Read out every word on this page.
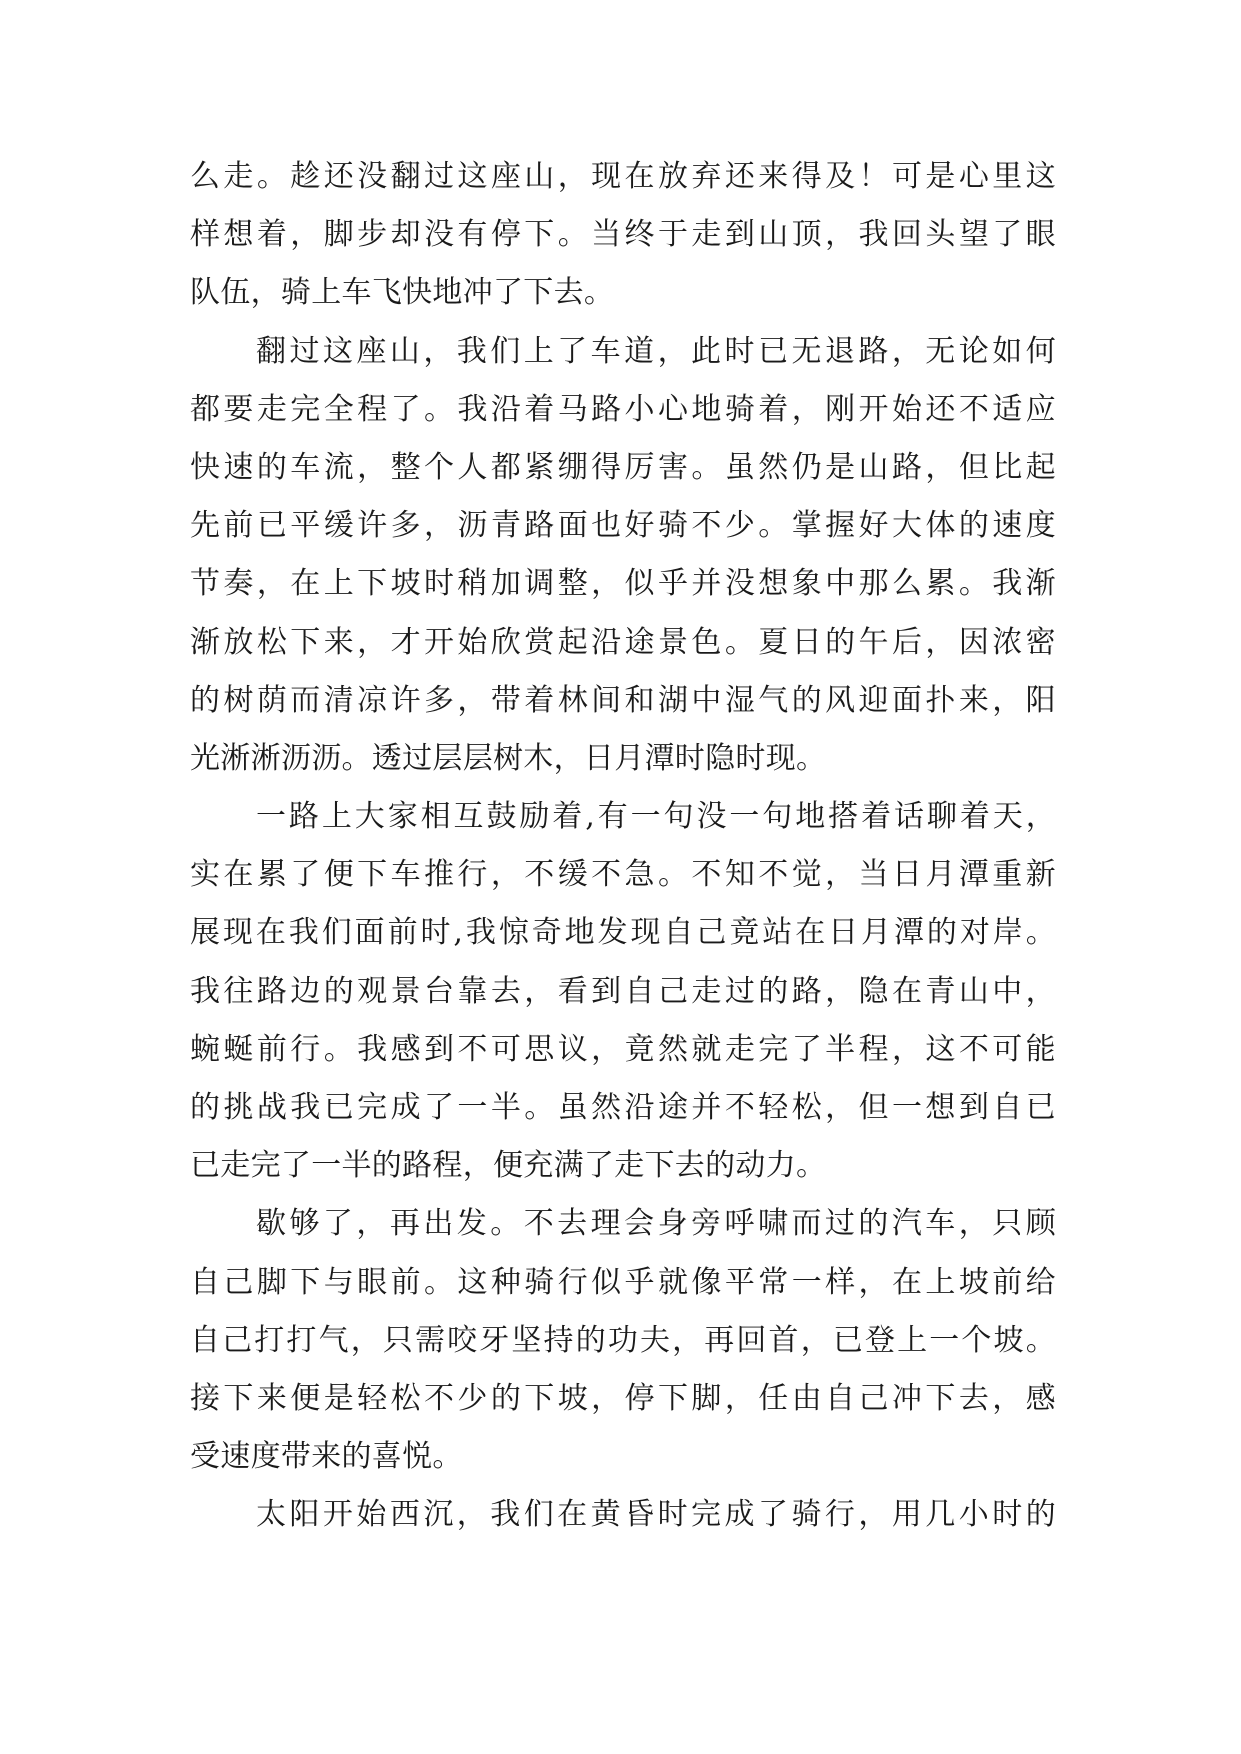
么走。趁还没翻过这座山，现在放弃还来得及！可是心里这
样想着，脚步却没有停下。当终于走到山顶，我回头望了眼
队伍，骑上车飞快地冲了下去。
翻过这座山，我们上了车道，此时已无退路，无论如何
都要走完全程了。我沿着马路小心地骑着，刚开始还不适应
快速的车流，整个人都紧绷得厉害。虽然仍是山路，但比起
先前已平缓许多，沥青路面也好骑不少。掌握好大体的速度
节奏，在上下坡时稍加调整，似乎并没想象中那么累。我渐
渐放松下来，才开始欣赏起沿途景色。夏日的午后，因浓密
的树荫而清凉许多，带着林间和湖中湿气的风迎面扑来，阳
光淅淅沥沥。透过层层树木，日月潭时隐时现。
一路上大家相互鼓励着,有一句没一句地搭着话聊着天，
实在累了便下车推行，不缓不急。不知不觉，当日月潭重新
展现在我们面前时,我惊奇地发现自己竟站在日月潭的对岸。
我往路边的观景台靠去，看到自己走过的路，隐在青山中，
蜿蜒前行。我感到不可思议，竟然就走完了半程，这不可能
的挑战我已完成了一半。虽然沿途并不轻松，但一想到自已
已走完了一半的路程，便充满了走下去的动力。
歇够了，再出发。不去理会身旁呼啸而过的汽车，只顾
自己脚下与眼前。这种骑行似乎就像平常一样，在上坡前给
自己打打气，只需咬牙坚持的功夫，再回首，已登上一个坡。
接下来便是轻松不少的下坡，停下脚，任由自己冲下去，感
受速度带来的喜悦。
太阳开始西沉，我们在黄昏时完成了骑行，用几小时的
